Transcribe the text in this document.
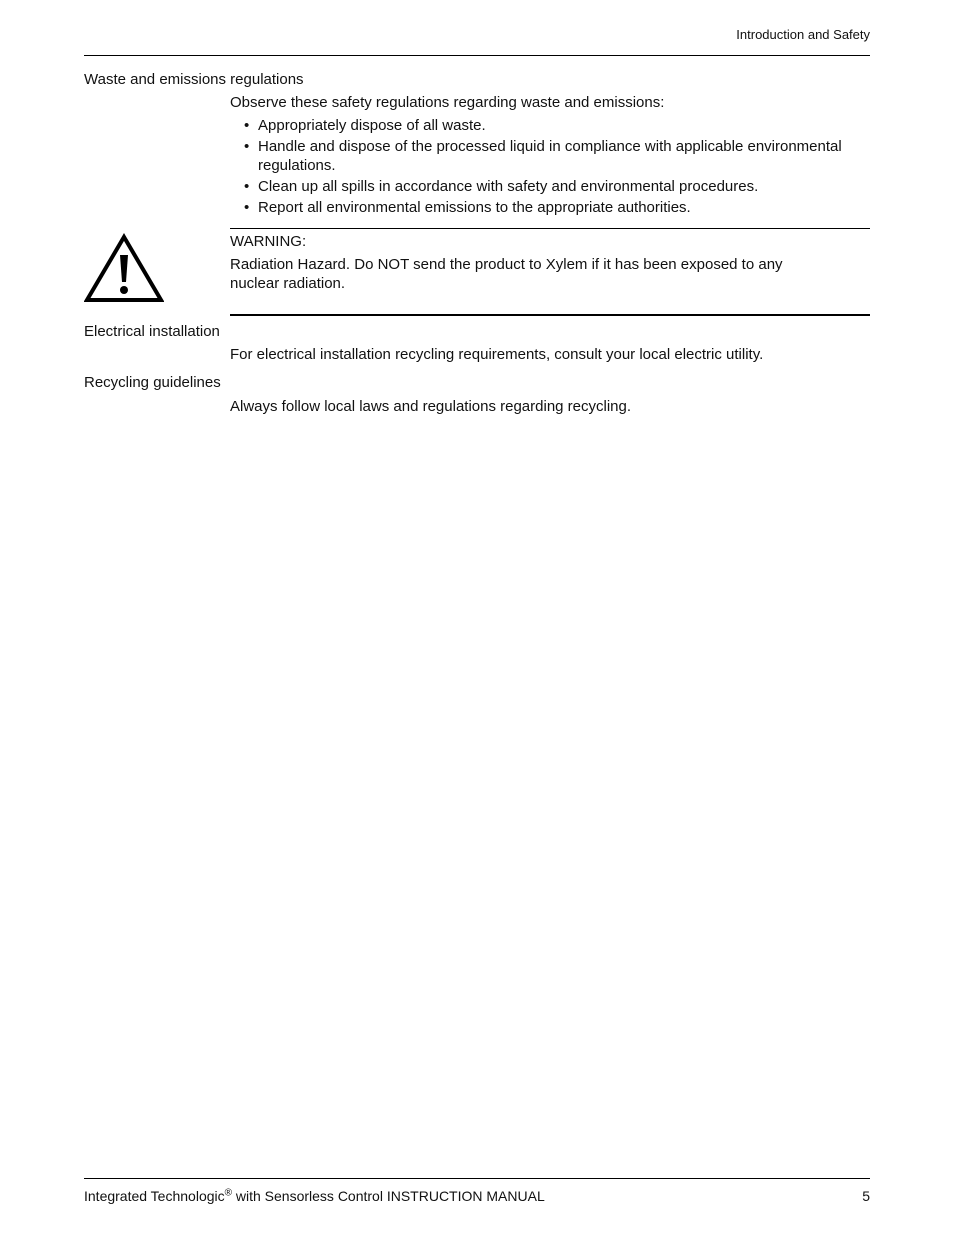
Introduction and Safety
Waste and emissions regulations
Observe these safety regulations regarding waste and emissions:
• Appropriately dispose of all waste.
• Handle and dispose of the processed liquid in compliance with applicable environmental regulations.
• Clean up all spills in accordance with safety and environmental procedures.
• Report all environmental emissions to the appropriate authorities.
WARNING:
Radiation Hazard. Do NOT send the product to Xylem if it has been exposed to any nuclear radiation.
Electrical installation
For electrical installation recycling requirements, consult your local electric utility.
Recycling guidelines
Always follow local laws and regulations regarding recycling.
Integrated Technologic® with Sensorless Control INSTRUCTION MANUAL	5
